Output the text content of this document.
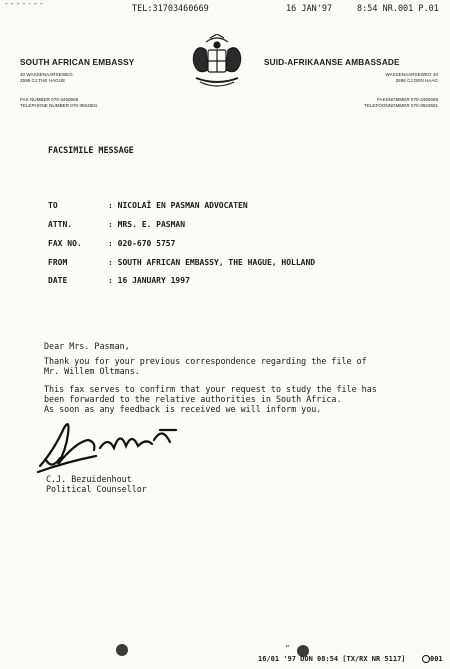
-------
TEL:31703460669	16 JAN'97	8:54 NR.001 P.01
SOUTH AFRICAN EMBASSY
40 WASSENAARSEWEG
2596 CJ THE HAGUE
FAX NUMBER 070-3460669
TELEPHONE NUMBER 070-3924501
SUID-AFRIKAANSE AMBASSADE
WASSENAARSEWEG 40
2596 CJ DEN HAAG
FAKSNOMMER 070-3460669
TELEFOONNOMMER 070-3924501
FACSIMILE MESSAGE
TO	: NICOLAÏ EN PASMAN ADVOCATEN
ATTN.	: MRS. E. PASMAN
FAX NO.	: 020-670 5757
FROM	: SOUTH AFRICAN EMBASSY, THE HAGUE, HOLLAND
DATE	: 16 JANUARY 1997
Dear Mrs. Pasman,
Thank you for your previous correspondence regarding the file of
Mr. Willem Oltmans.
This fax serves to confirm that your request to study the file has
been forwarded to the relative authorities in South Africa.
As soon as any feedback is received we will inform you.
C.J. Bezuidenhout
Political Counsellor
"
16/01 '97 DON 08:54 [TX/RX NR 5117]	001
